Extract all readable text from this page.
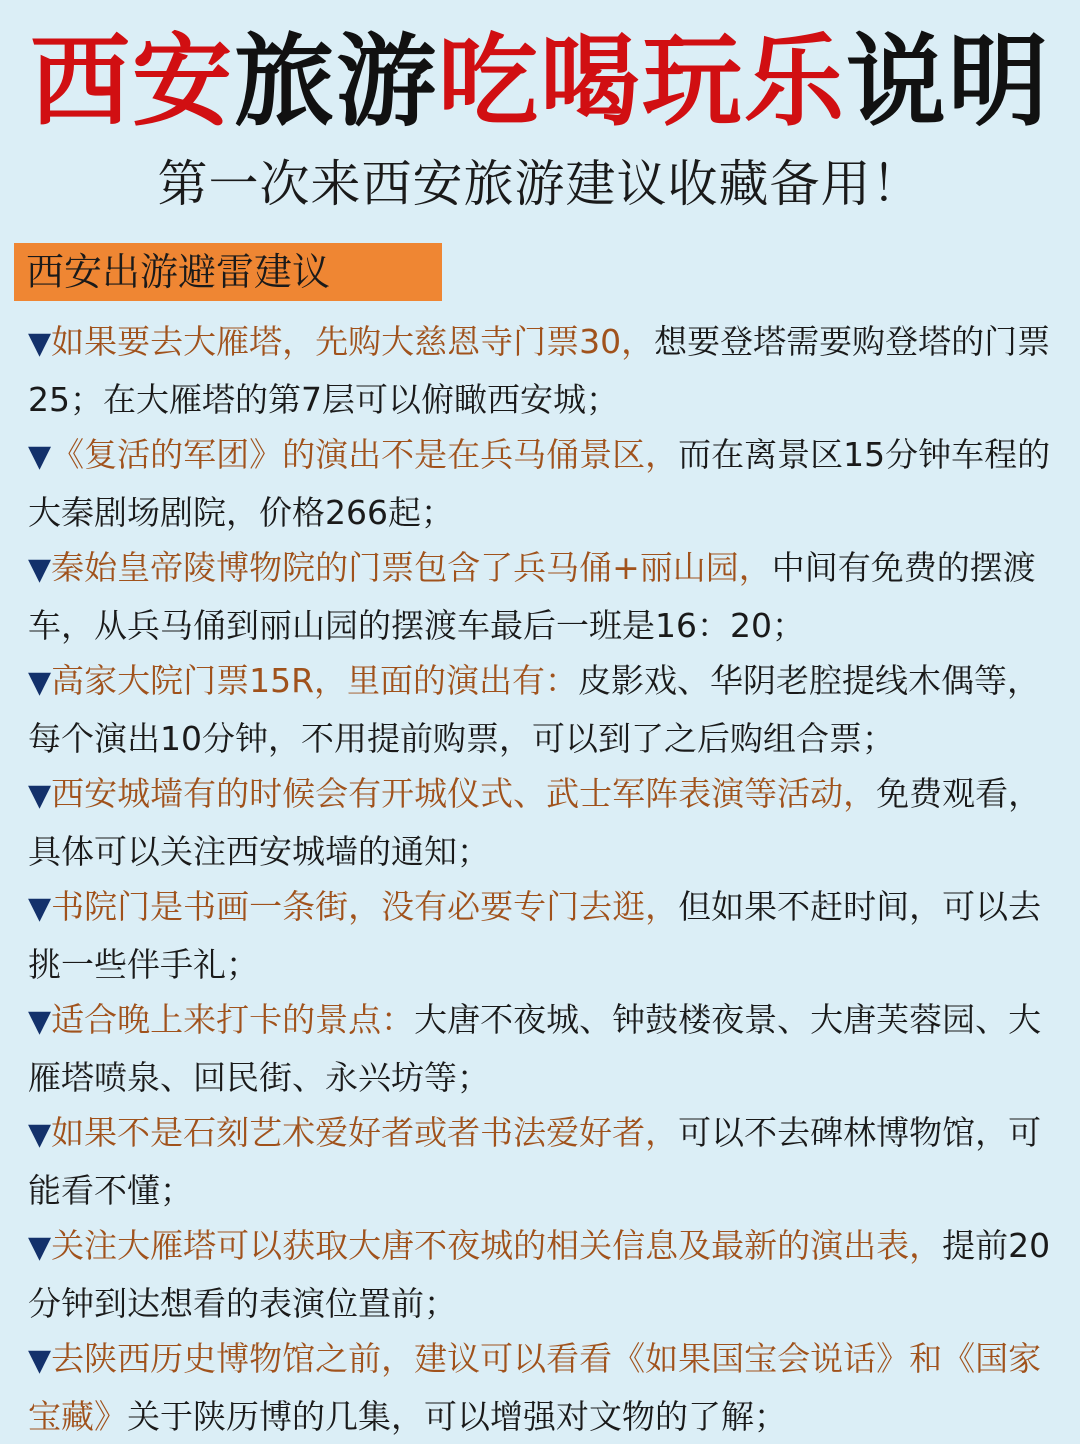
西安旅游吃喝玩乐说明
第一次来西安旅游建议收藏备用！
西安出游避雷建议
▼如果要去大雁塔，先购大慈恩寺门票30，想要登塔需要购登塔的门票25；在大雁塔的第7层可以俯瞰西安城；
▼《复活的军团》的演出不是在兵马俑景区，而在离景区15分钟车程的大秦剧场剧院，价格266起；
▼秦始皇帝陵博物院的门票包含了兵马俑+丽山园，中间有免费的摆渡车，从兵马俑到丽山园的摆渡车最后一班是16：20；
▼高家大院门票15R，里面的演出有：皮影戏、华阴老腔提线木偶等，每个演出10分钟，不用提前购票，可以到了之后购组合票；
▼西安城墙有的时候会有开城仪式、武士军阵表演等活动，免费观看，具体可以关注西安城墙的通知；
▼书院门是书画一条街，没有必要专门去逛，但如果不赶时间，可以去挑一些伴手礼；
▼适合晚上来打卡的景点：大唐不夜城、钟鼓楼夜景、大唐芙蓉园、大雁塔喷泉、回民街、永兴坊等；
▼如果不是石刻艺术爱好者或者书法爱好者，可以不去碑林博物馆，可能看不懂；
▼关注大雁塔可以获取大唐不夜城的相关信息及最新的演出表，提前20分钟到达想看的表演位置前；
▼去陕西历史博物馆之前，建议可以看看《如果国宝会说话》和《国家宝藏》关于陕历博的几集，可以增强对文物的了解；
